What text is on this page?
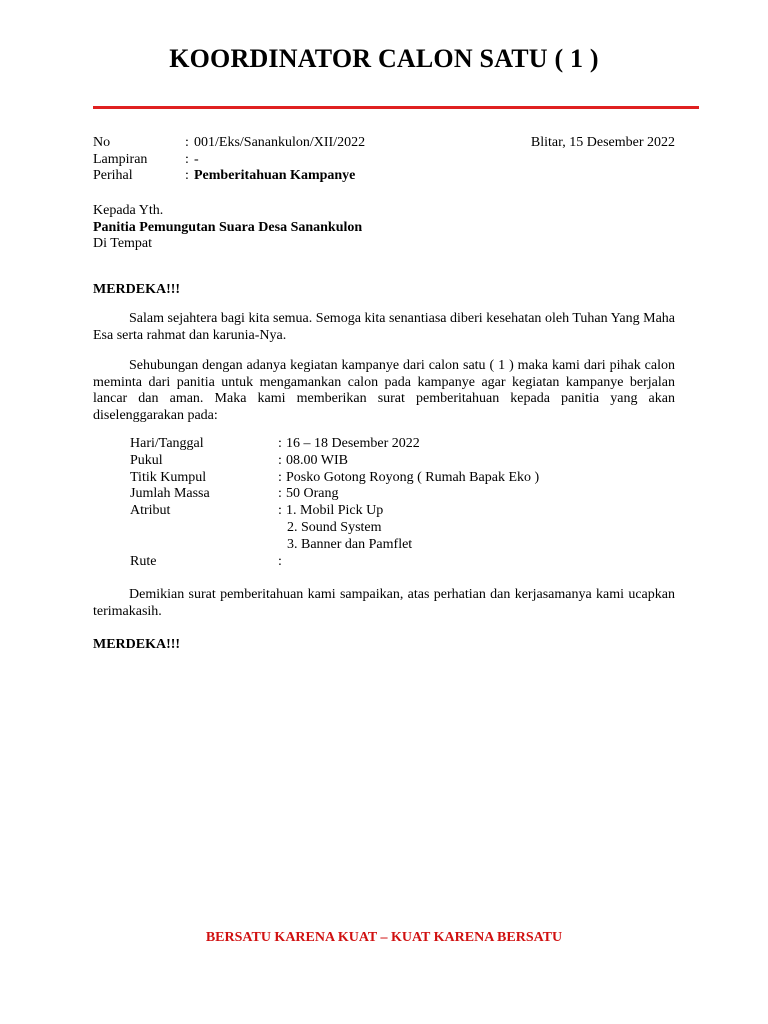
KOORDINATOR CALON SATU ( 1 )
No	: 001/Eks/Sanankulon/XII/2022	Blitar, 15 Desember 2022
Lampiran	: -
Perihal	: Pemberitahuan Kampanye
Kepada Yth.
Panitia Pemungutan Suara Desa Sanankulon
Di Tempat
MERDEKA!!!
Salam sejahtera bagi kita semua. Semoga kita senantiasa diberi kesehatan oleh Tuhan Yang Maha Esa serta rahmat dan karunia-Nya.
Sehubungan dengan adanya kegiatan kampanye dari calon satu ( 1 ) maka kami dari pihak calon meminta dari panitia untuk mengamankan calon pada kampanye agar kegiatan kampanye berjalan lancar dan aman. Maka kami memberikan surat pemberitahuan kepada panitia yang akan diselenggarakan pada:
Hari/Tanggal	: 16 – 18 Desember 2022
Pukul	: 08.00 WIB
Titik Kumpul	: Posko Gotong Royong ( Rumah Bapak Eko )
Jumlah Massa	: 50 Orang
Atribut	: 1. Mobil Pick Up
2. Sound System
3. Banner dan Pamflet
Rute	:
Demikian surat pemberitahuan kami sampaikan, atas perhatian dan kerjasamanya kami ucapkan terimakasih.
MERDEKA!!!
BERSATU KARENA KUAT – KUAT KARENA BERSATU
